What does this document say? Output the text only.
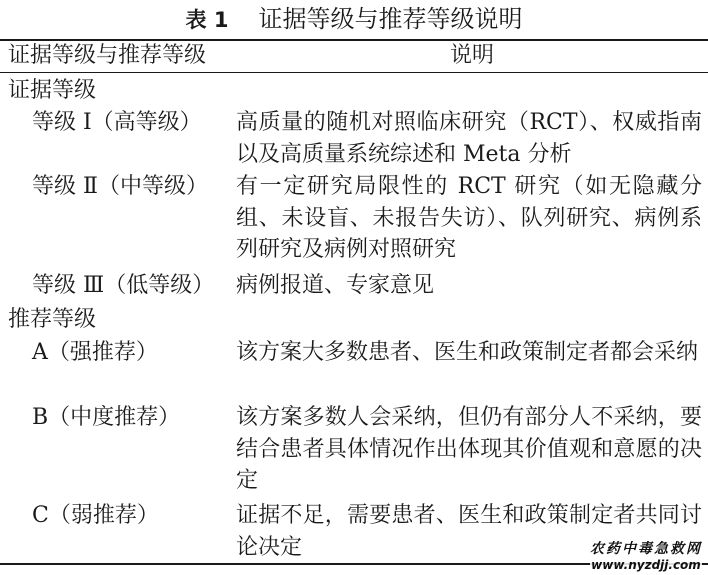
表 1 证据等级与推荐等级说明
证据等级与推荐等级	说明
证据等级
等级 Ⅰ（高等级） 高质量的随机对照临床研究（RCT）、权威指南以及高质量系统综述和 Meta 分析
等级 Ⅱ（中等级） 有一定研究局限性的 RCT 研究（如无隐藏分组、未设盲、未报告失访）、队列研究、病例系列研究及病例对照研究
等级 Ⅲ（低等级） 病例报道、专家意见
推荐等级
A（强推荐）	该方案大多数患者、医生和政策制定者都会采纳
B（中度推荐）	该方案多数人会采纳，但仍有部分人不采纳，要结合患者具体情况作出体现其价值观和意愿的决定
C（弱推荐）	证据不足，需要患者、医生和政策制定者共同讨论决定	农药中毒急救网
www.nyzdjj.com
